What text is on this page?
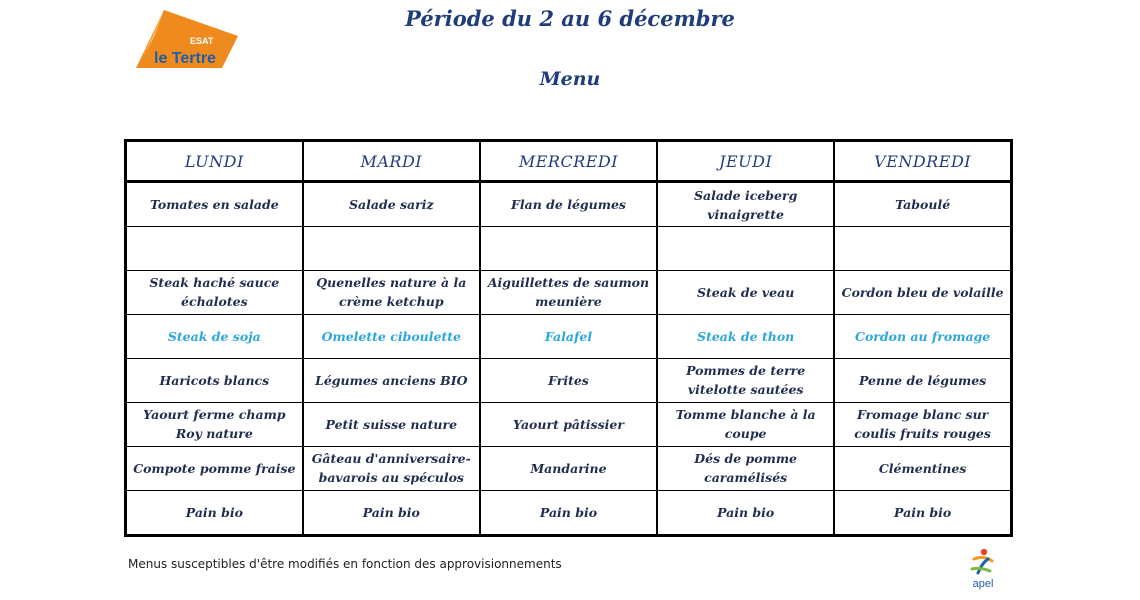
ESAT
le Tertre
Période du 2 au 6 décembre
Menu
LUNDI	MARDI	MERCREDI	JEUDI	VENDREDI
Tomates en salade	Salade sariz	Flan de légumes	Salade iceberg vinaigrette	Taboulé

Steak haché sauce échalotes	Quenelles nature à la crème ketchup	Aiguillettes de saumon meunière	Steak de veau	Cordon bleu de volaille
Steak de soja	Omelette ciboulette	Falafel	Steak de thon	Cordon au fromage
Haricots blancs	Légumes anciens BIO	Frites	Pommes de terre vitelotte sautées	Penne de légumes
Yaourt ferme champ Roy nature	Petit suisse nature	Yaourt pâtissier	Tomme blanche à la coupe	Fromage blanc sur coulis fruits rouges
Compote pomme fraise	Gâteau d'anniversaire- bavarois au spéculos	Mandarine	Dés de pomme caramélisés	Clémentines
Pain bio	Pain bio	Pain bio	Pain bio	Pain bio
Menus susceptibles d'être modifiés en fonction des approvisionnements
apel
